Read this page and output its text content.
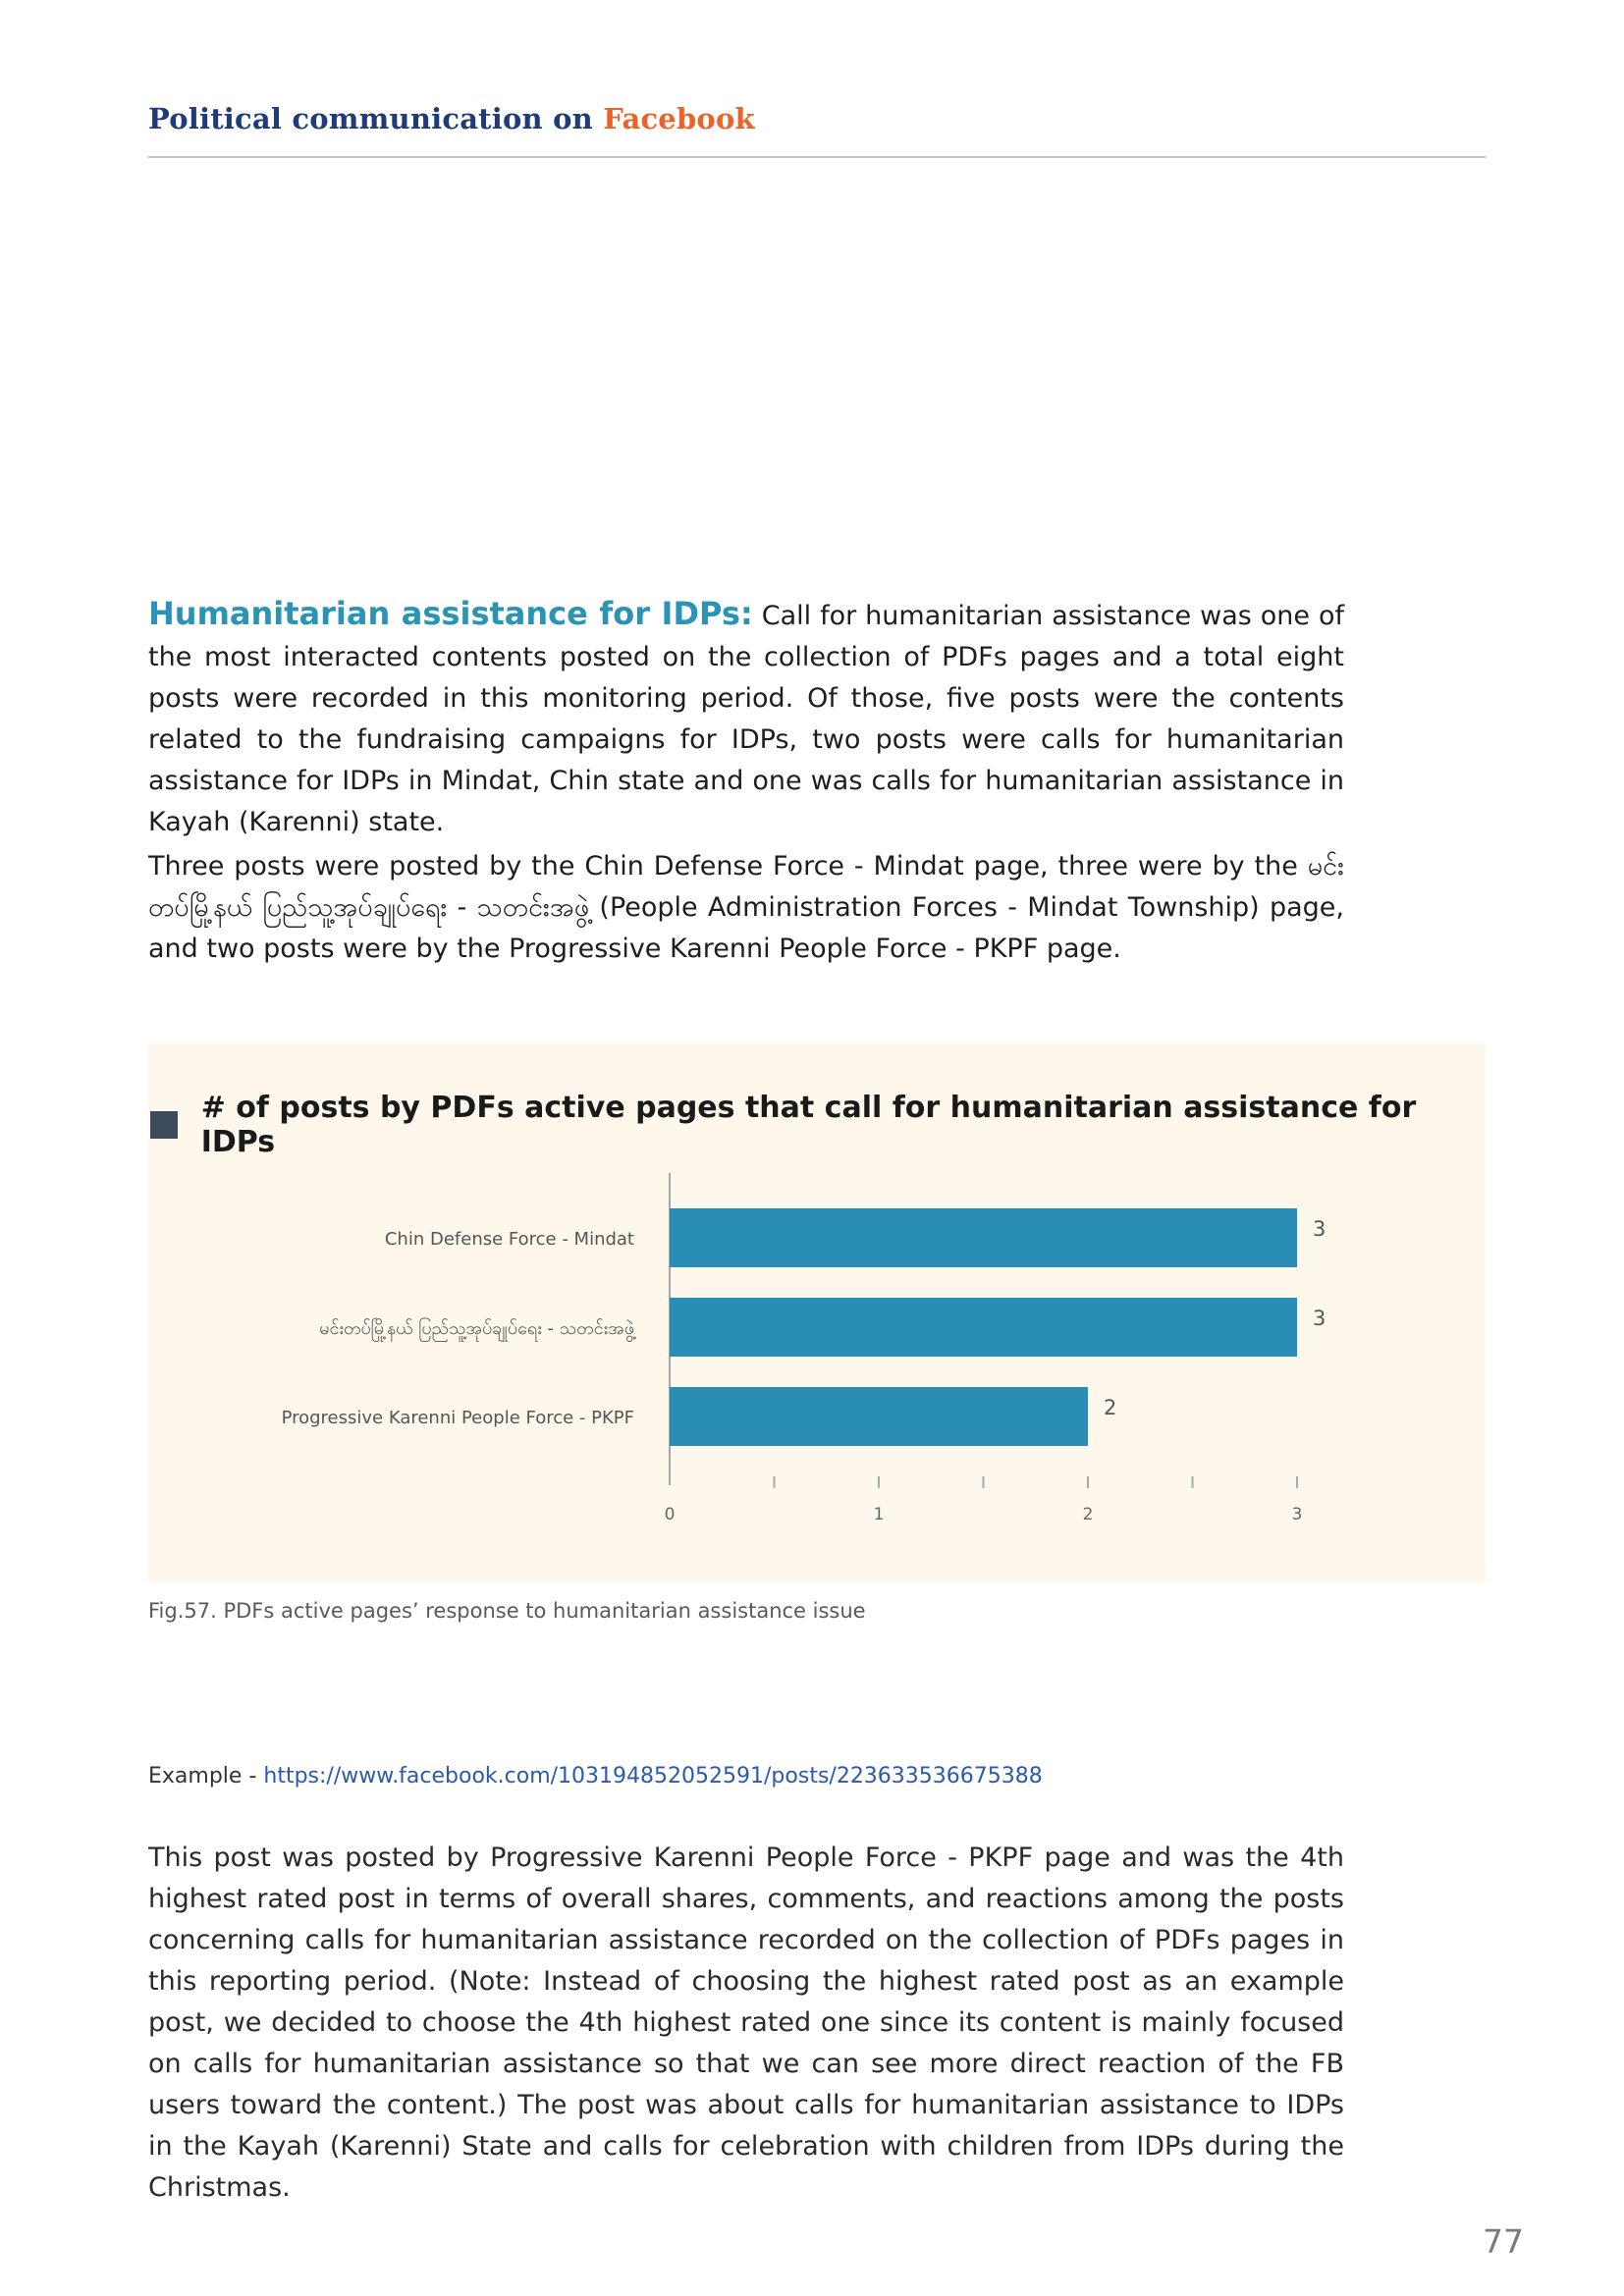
Political communication on Facebook
Humanitarian assistance for IDPs: Call for humanitarian assistance was one of the most interacted contents posted on the collection of PDFs pages and a total eight posts were recorded in this monitoring period. Of those, five posts were the contents related to the fundraising campaigns for IDPs, two posts were calls for humanitarian assistance for IDPs in Mindat, Chin state and one was calls for humanitarian assistance in Kayah (Karenni) state.
Three posts were posted by the Chin Defense Force - Mindat page, three were by the မင်းတပ်မြို့နယ် ပြည်သူ့အုပ်ချုပ်ရေး - သတင်းအဖွဲ့ (People Administration Forces - Mindat Township) page, and two posts were by the Progressive Karenni People Force - PKPF page.
# of posts by PDFs active pages that call for humanitarian assistance for IDPs
Chin Defense Force - Mindat	3
မင်းတပ်မြို့နယ် ပြည်သူ့အုပ်ချုပ်ရေး - သတင်းအဖွဲ့	3
Progressive Karenni People Force - PKPF	2
0	1	2	3
Fig.57. PDFs active pages’ response to humanitarian assistance issue
Example - https://www.facebook.com/103194852052591/posts/223633536675388
This post was posted by Progressive Karenni People Force - PKPF page and was the 4th highest rated post in terms of overall shares, comments, and reactions among the posts concerning calls for humanitarian assistance recorded on the collection of PDFs pages in this reporting period. (Note: Instead of choosing the highest rated post as an example post, we decided to choose the 4th highest rated one since its content is mainly focused on calls for humanitarian assistance so that we can see more direct reaction of the FB users toward the content.) The post was about calls for humanitarian assistance to IDPs in the Kayah (Karenni) State and calls for celebration with children from IDPs during the Christmas.
77
